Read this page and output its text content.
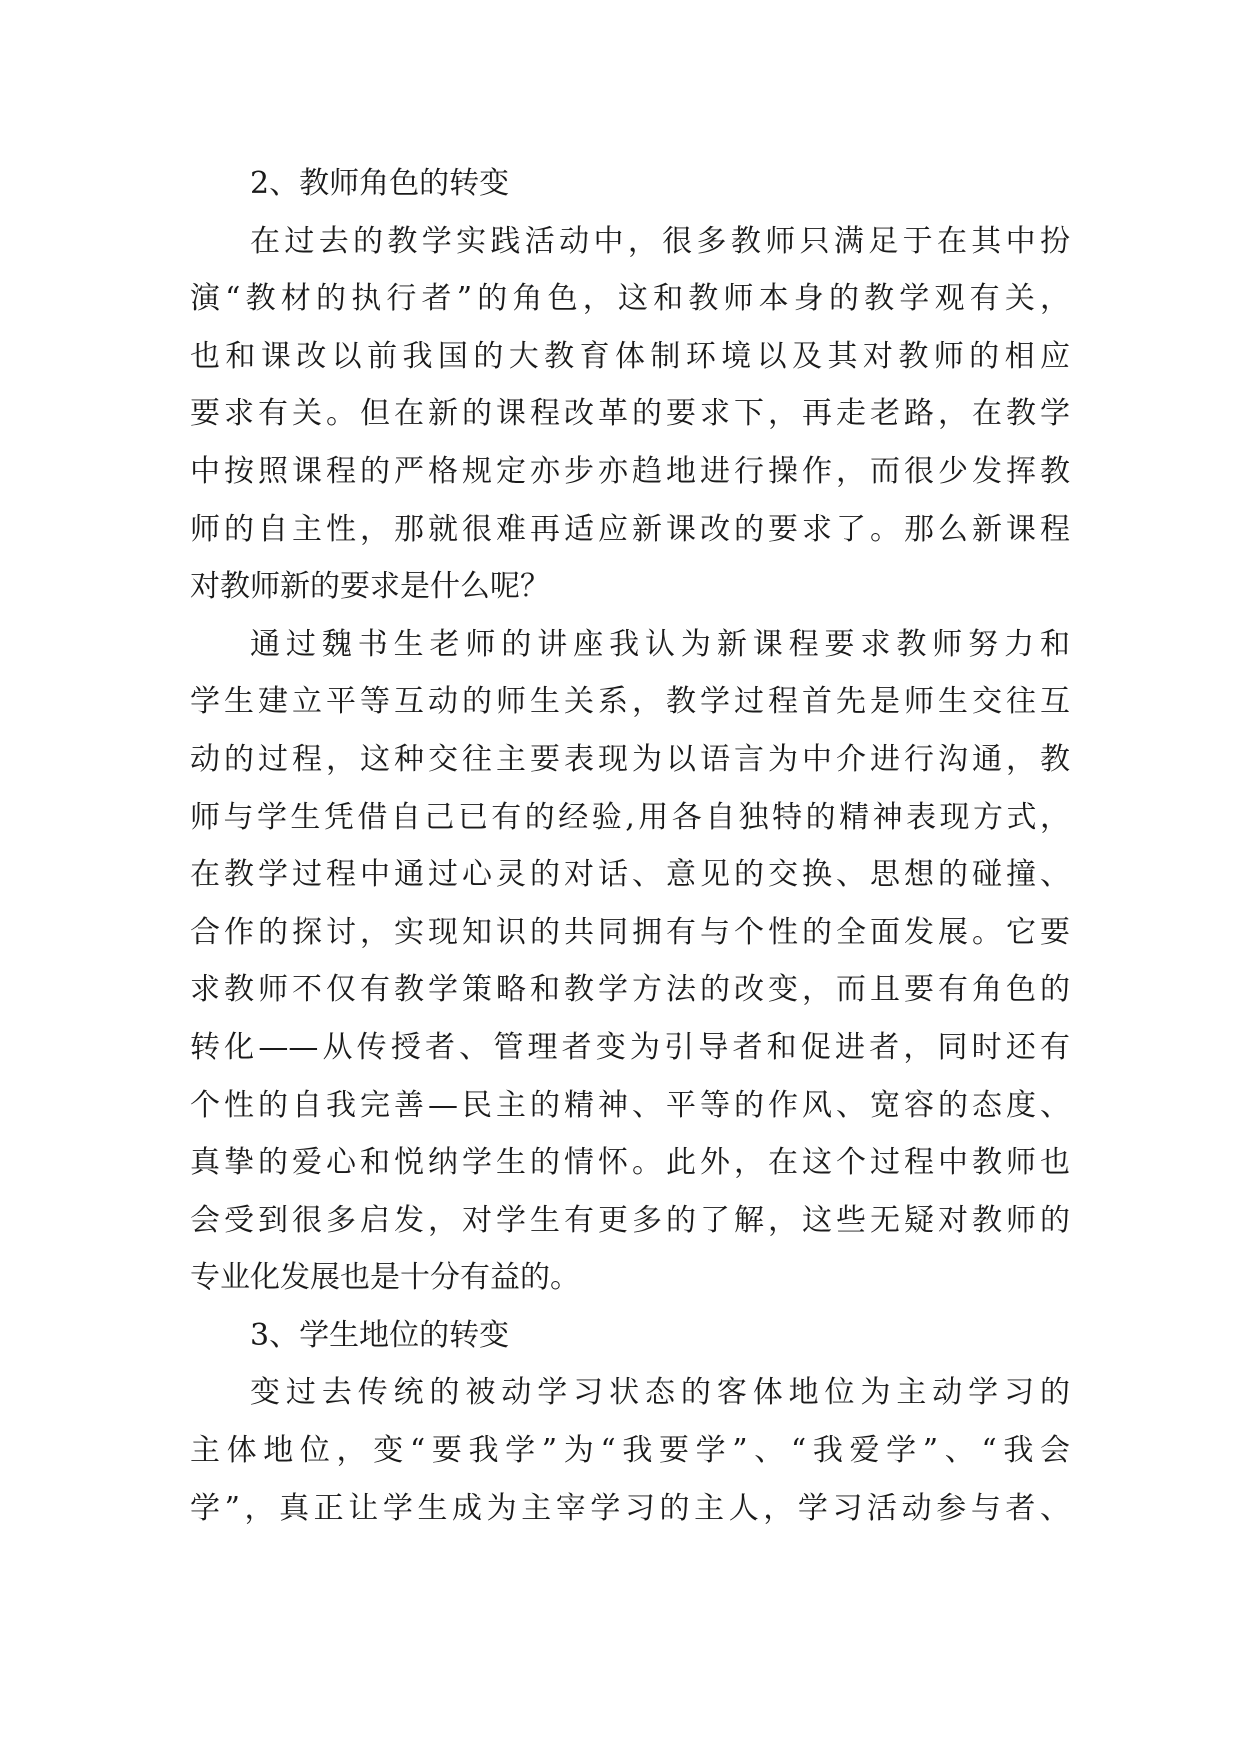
2、教师角色的转变
在过去的教学实践活动中，很多教师只满足于在其中扮
演“教材的执行者”的角色，这和教师本身的教学观有关，
也和课改以前我国的大教育体制环境以及其对教师的相应
要求有关。但在新的课程改革的要求下，再走老路，在教学
中按照课程的严格规定亦步亦趋地进行操作，而很少发挥教
师的自主性，那就很难再适应新课改的要求了。那么新课程
对教师新的要求是什么呢？
通过魏书生老师的讲座我认为新课程要求教师努力和
学生建立平等互动的师生关系，教学过程首先是师生交往互
动的过程，这种交往主要表现为以语言为中介进行沟通，教
师与学生凭借自己已有的经验,用各自独特的精神表现方式，
在教学过程中通过心灵的对话、意见的交换、思想的碰撞、
合作的探讨，实现知识的共同拥有与个性的全面发展。它要
求教师不仅有教学策略和教学方法的改变，而且要有角色的
转化——从传授者、管理者变为引导者和促进者，同时还有
个性的自我完善—民主的精神、平等的作风、宽容的态度、
真挚的爱心和悦纳学生的情怀。此外，在这个过程中教师也
会受到很多启发，对学生有更多的了解，这些无疑对教师的
专业化发展也是十分有益的。
3、学生地位的转变
变过去传统的被动学习状态的客体地位为主动学习的
主体地位，变“要我学”为“我要学”、“我爱学”、“我会
学”，真正让学生成为主宰学习的主人，学习活动参与者、
